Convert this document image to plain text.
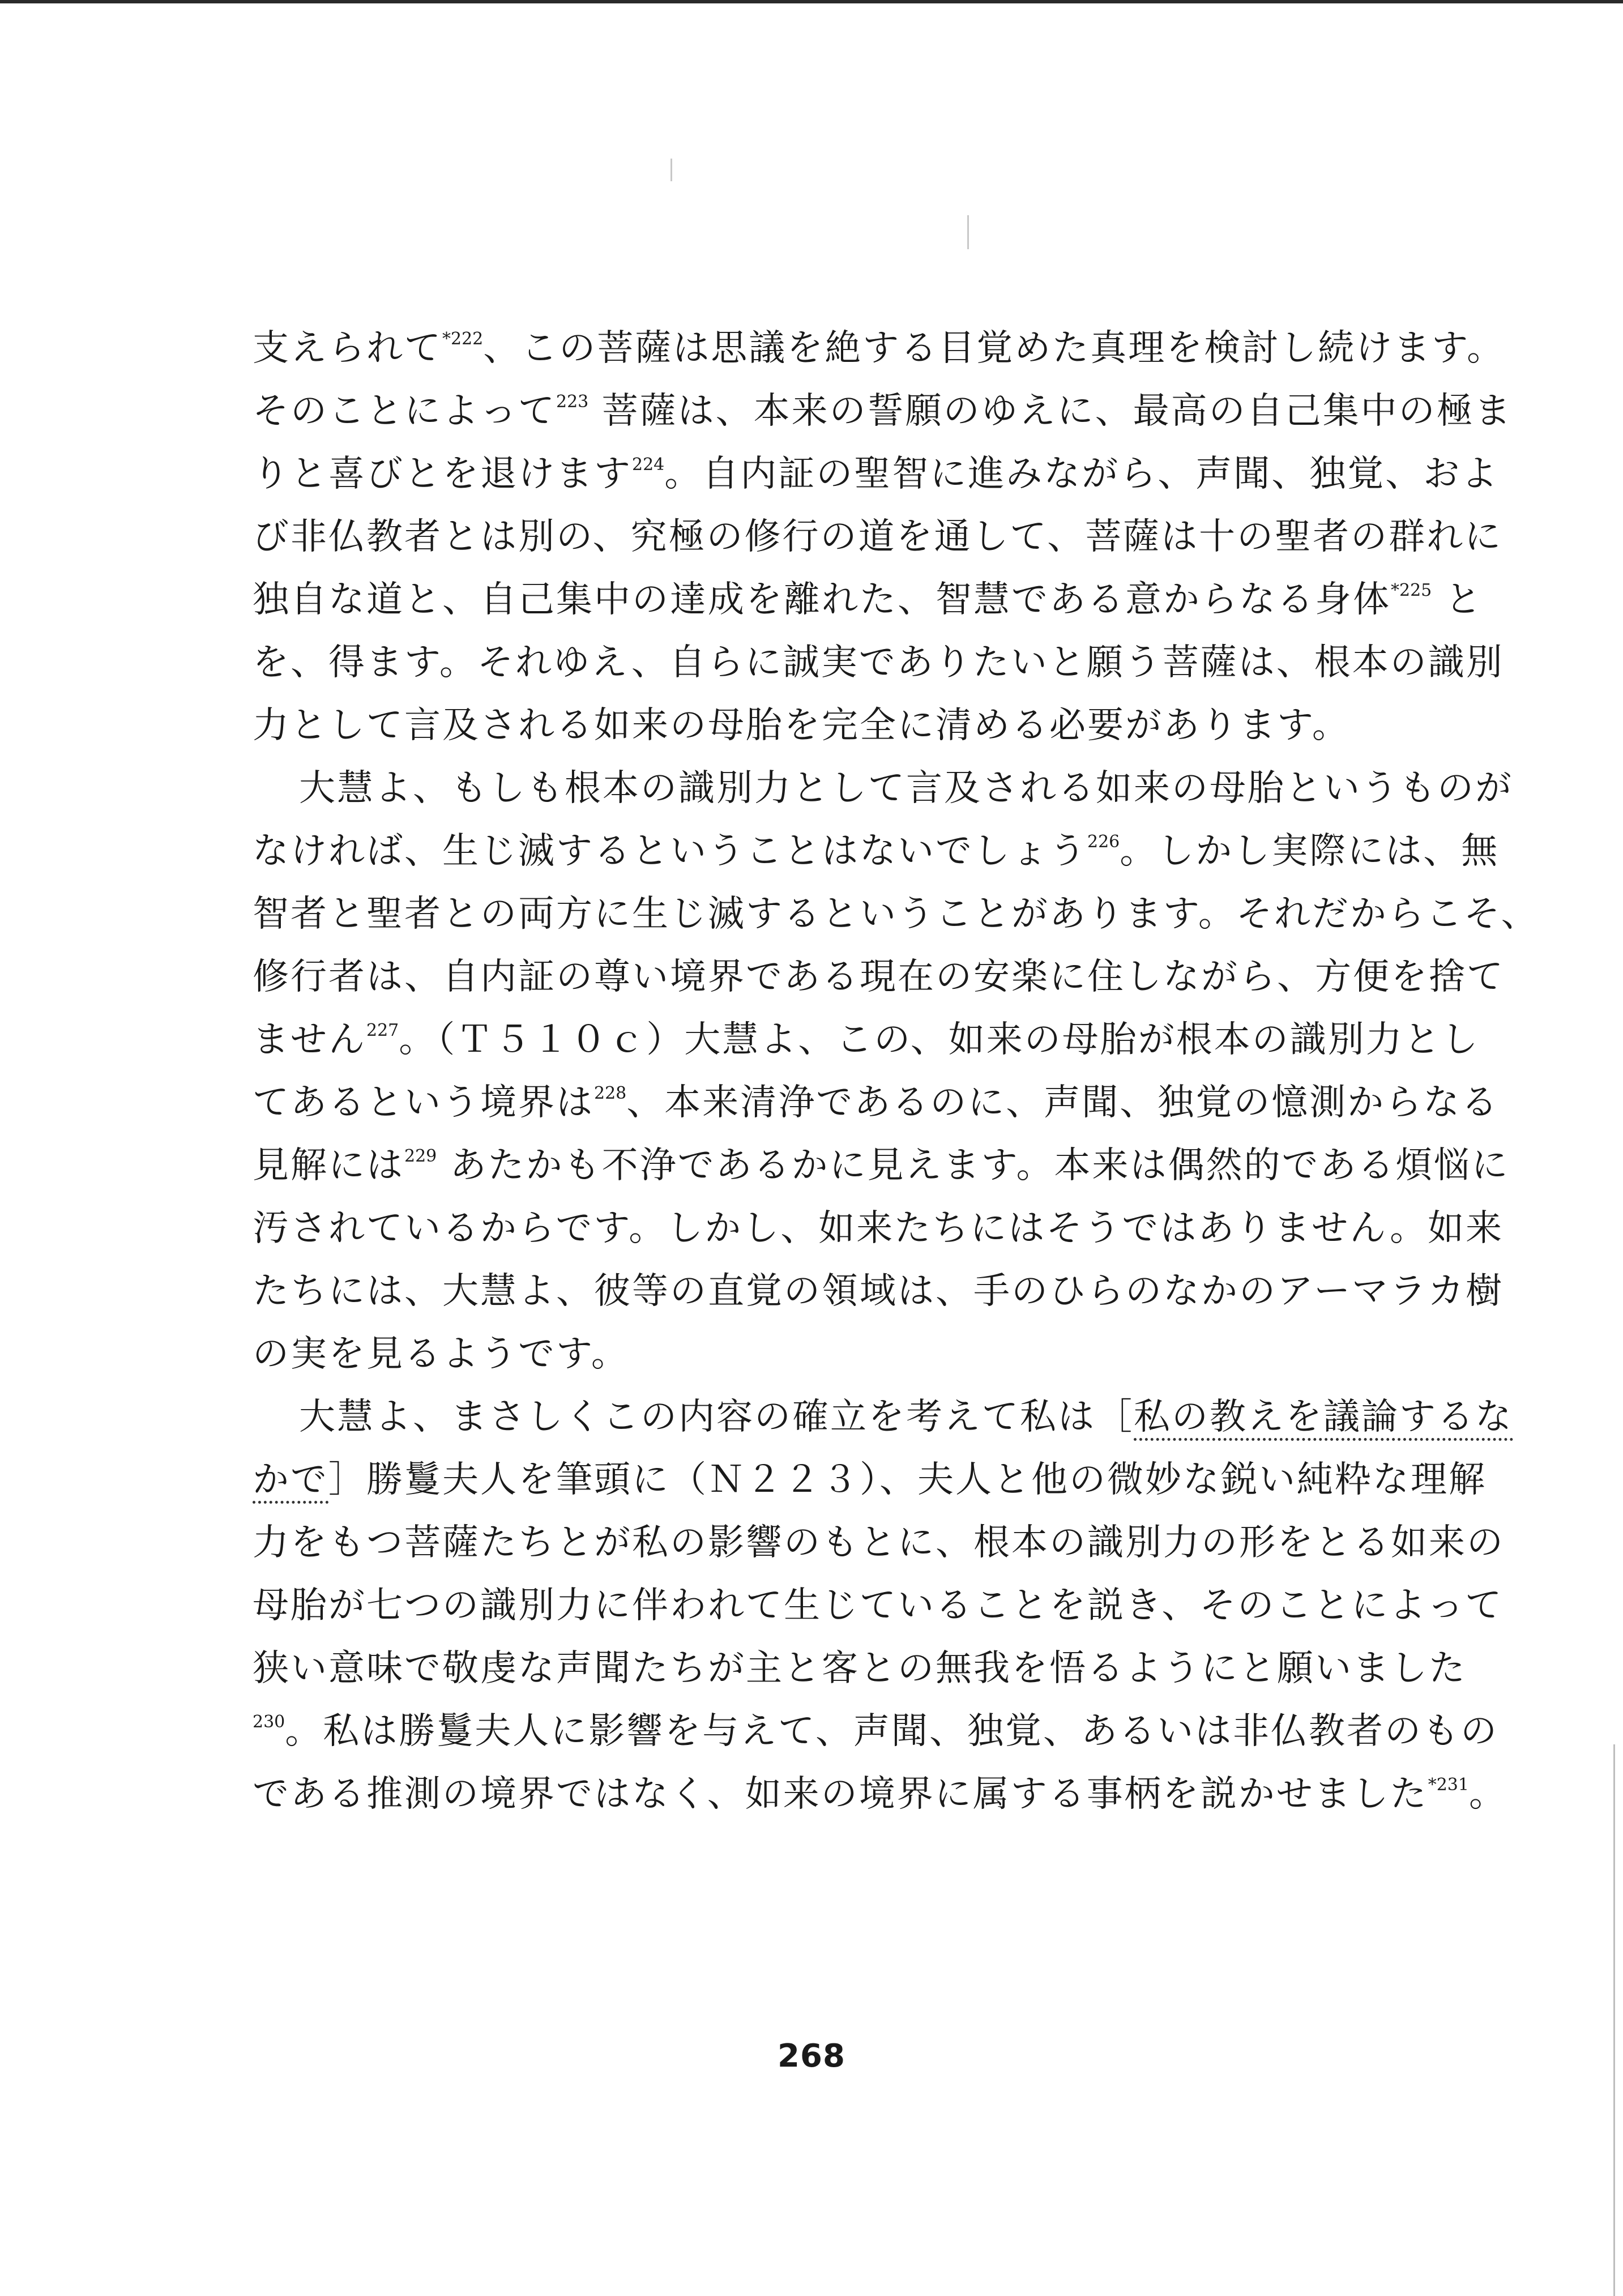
支えられて$^{*222}$、この菩薩は思議を絶する目覚めた真理を検討し続けます。
そのことによって$^{223}$ 菩薩は、本来の誓願のゆえに、最高の自己集中の極ま
りと喜びとを退けます$^{224}$。自内証の聖智に進みながら、声聞、独覚、およ
び非仏教者とは別の、究極の修行の道を通して、菩薩は十の聖者の群れに
独自な道と、自己集中の達成を離れた、智慧である意からなる身体$^{*225}$ と
を、得ます。それゆえ、自らに誠実でありたいと願う菩薩は、根本の識別
力として言及される如来の母胎を完全に清める必要があります。

大慧よ、もしも根本の識別力として言及される如来の母胎というものが
なければ、生じ滅するということはないでしょう$^{226}$。しかし実際には、無
智者と聖者との両方に生じ滅するということがあります。それだからこそ、
修行者は、自内証の尊い境界である現在の安楽に住しながら、方便を捨て
ません$^{227}$。（Ｔ５１０ｃ）大慧よ、この、如来の母胎が根本の識別力とし
てあるという境界は$^{228}$、本来清浄であるのに、声聞、独覚の憶測からなる
見解には$^{229}$ あたかも不浄であるかに見えます。本来は偶然的である煩悩に
汚されているからです。しかし、如来たちにはそうではありません。如来
たちには、大慧よ、彼等の直覚の領域は、手のひらのなかのアーマラカ樹
の実を見るようです。

大慧よ、まさしくこの内容の確立を考えて私は［私の教えを議論するな
かで］勝鬘夫人を筆頭に（Ｎ２２３）、夫人と他の微妙な鋭い純粋な理解
力をもつ菩薩たちとが私の影響のもとに、根本の識別力の形をとる如来の
母胎が七つの識別力に伴われて生じていることを説き、そのことによって
狭い意味で敬虔な声聞たちが主と客との無我を悟るようにと願いました
$^{230}$。私は勝鬘夫人に影響を与えて、声聞、独覚、あるいは非仏教者のもの
である推測の境界ではなく、如来の境界に属する事柄を説かせました$^{*231}$。

268
